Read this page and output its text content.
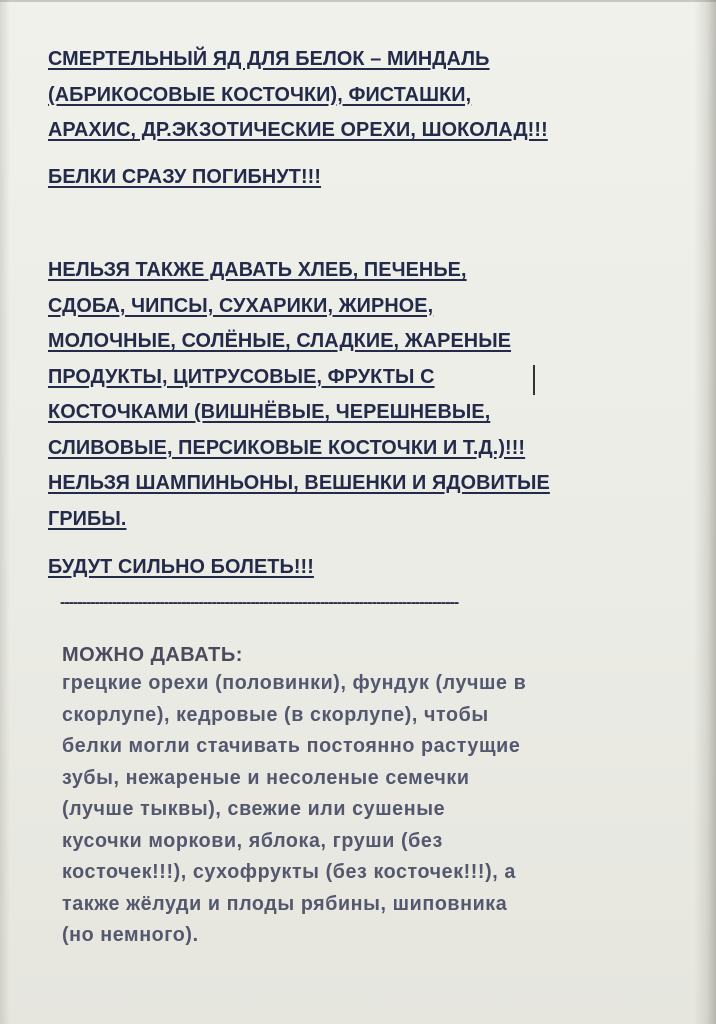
СМЕРТЕЛЬНЫЙ ЯД ДЛЯ БЕЛОК – МИНДАЛЬ
(АБРИКОСОВЫЕ КОСТОЧКИ), ФИСТАШКИ,
АРАХИС, ДР.ЭКЗОТИЧЕСКИЕ ОРЕХИ, ШОКОЛАД!!!
БЕЛКИ СРАЗУ ПОГИБНУТ!!!
НЕЛЬЗЯ ТАКЖЕ ДАВАТЬ ХЛЕБ, ПЕЧЕНЬЕ,
СДОБА, ЧИПСЫ, СУХАРИКИ, ЖИРНОЕ,
МОЛОЧНЫЕ, СОЛЁНЫЕ, СЛАДКИЕ, ЖАРЕНЫЕ
ПРОДУКТЫ, ЦИТРУСОВЫЕ, ФРУКТЫ С
КОСТОЧКАМИ (ВИШНЁВЫЕ, ЧЕРЕШНЕВЫЕ,
СЛИВОВЫЕ, ПЕРСИКОВЫЕ КОСТОЧКИ И Т.Д.)!!!
НЕЛЬЗЯ ШАМПИНЬОНЫ, ВЕШЕНКИ И ЯДОВИТЫЕ
ГРИБЫ.
БУДУТ СИЛЬНО БОЛЕТЬ!!!
--------------------------------------------------------------------------------------------
МОЖНО ДАВАТЬ:
грецкие орехи (половинки), фундук (лучше в
скорлупе), кедровые (в скорлупе), чтобы
белки могли стачивать постоянно растущие
зубы, нежареные и несоленые семечки
(лучше тыквы), свежие или сушеные
кусочки моркови, яблока, груши (без
косточек!!!), сухофрукты (без косточек!!!), а
также жёлуди и плоды рябины, шиповника
(но немного).
